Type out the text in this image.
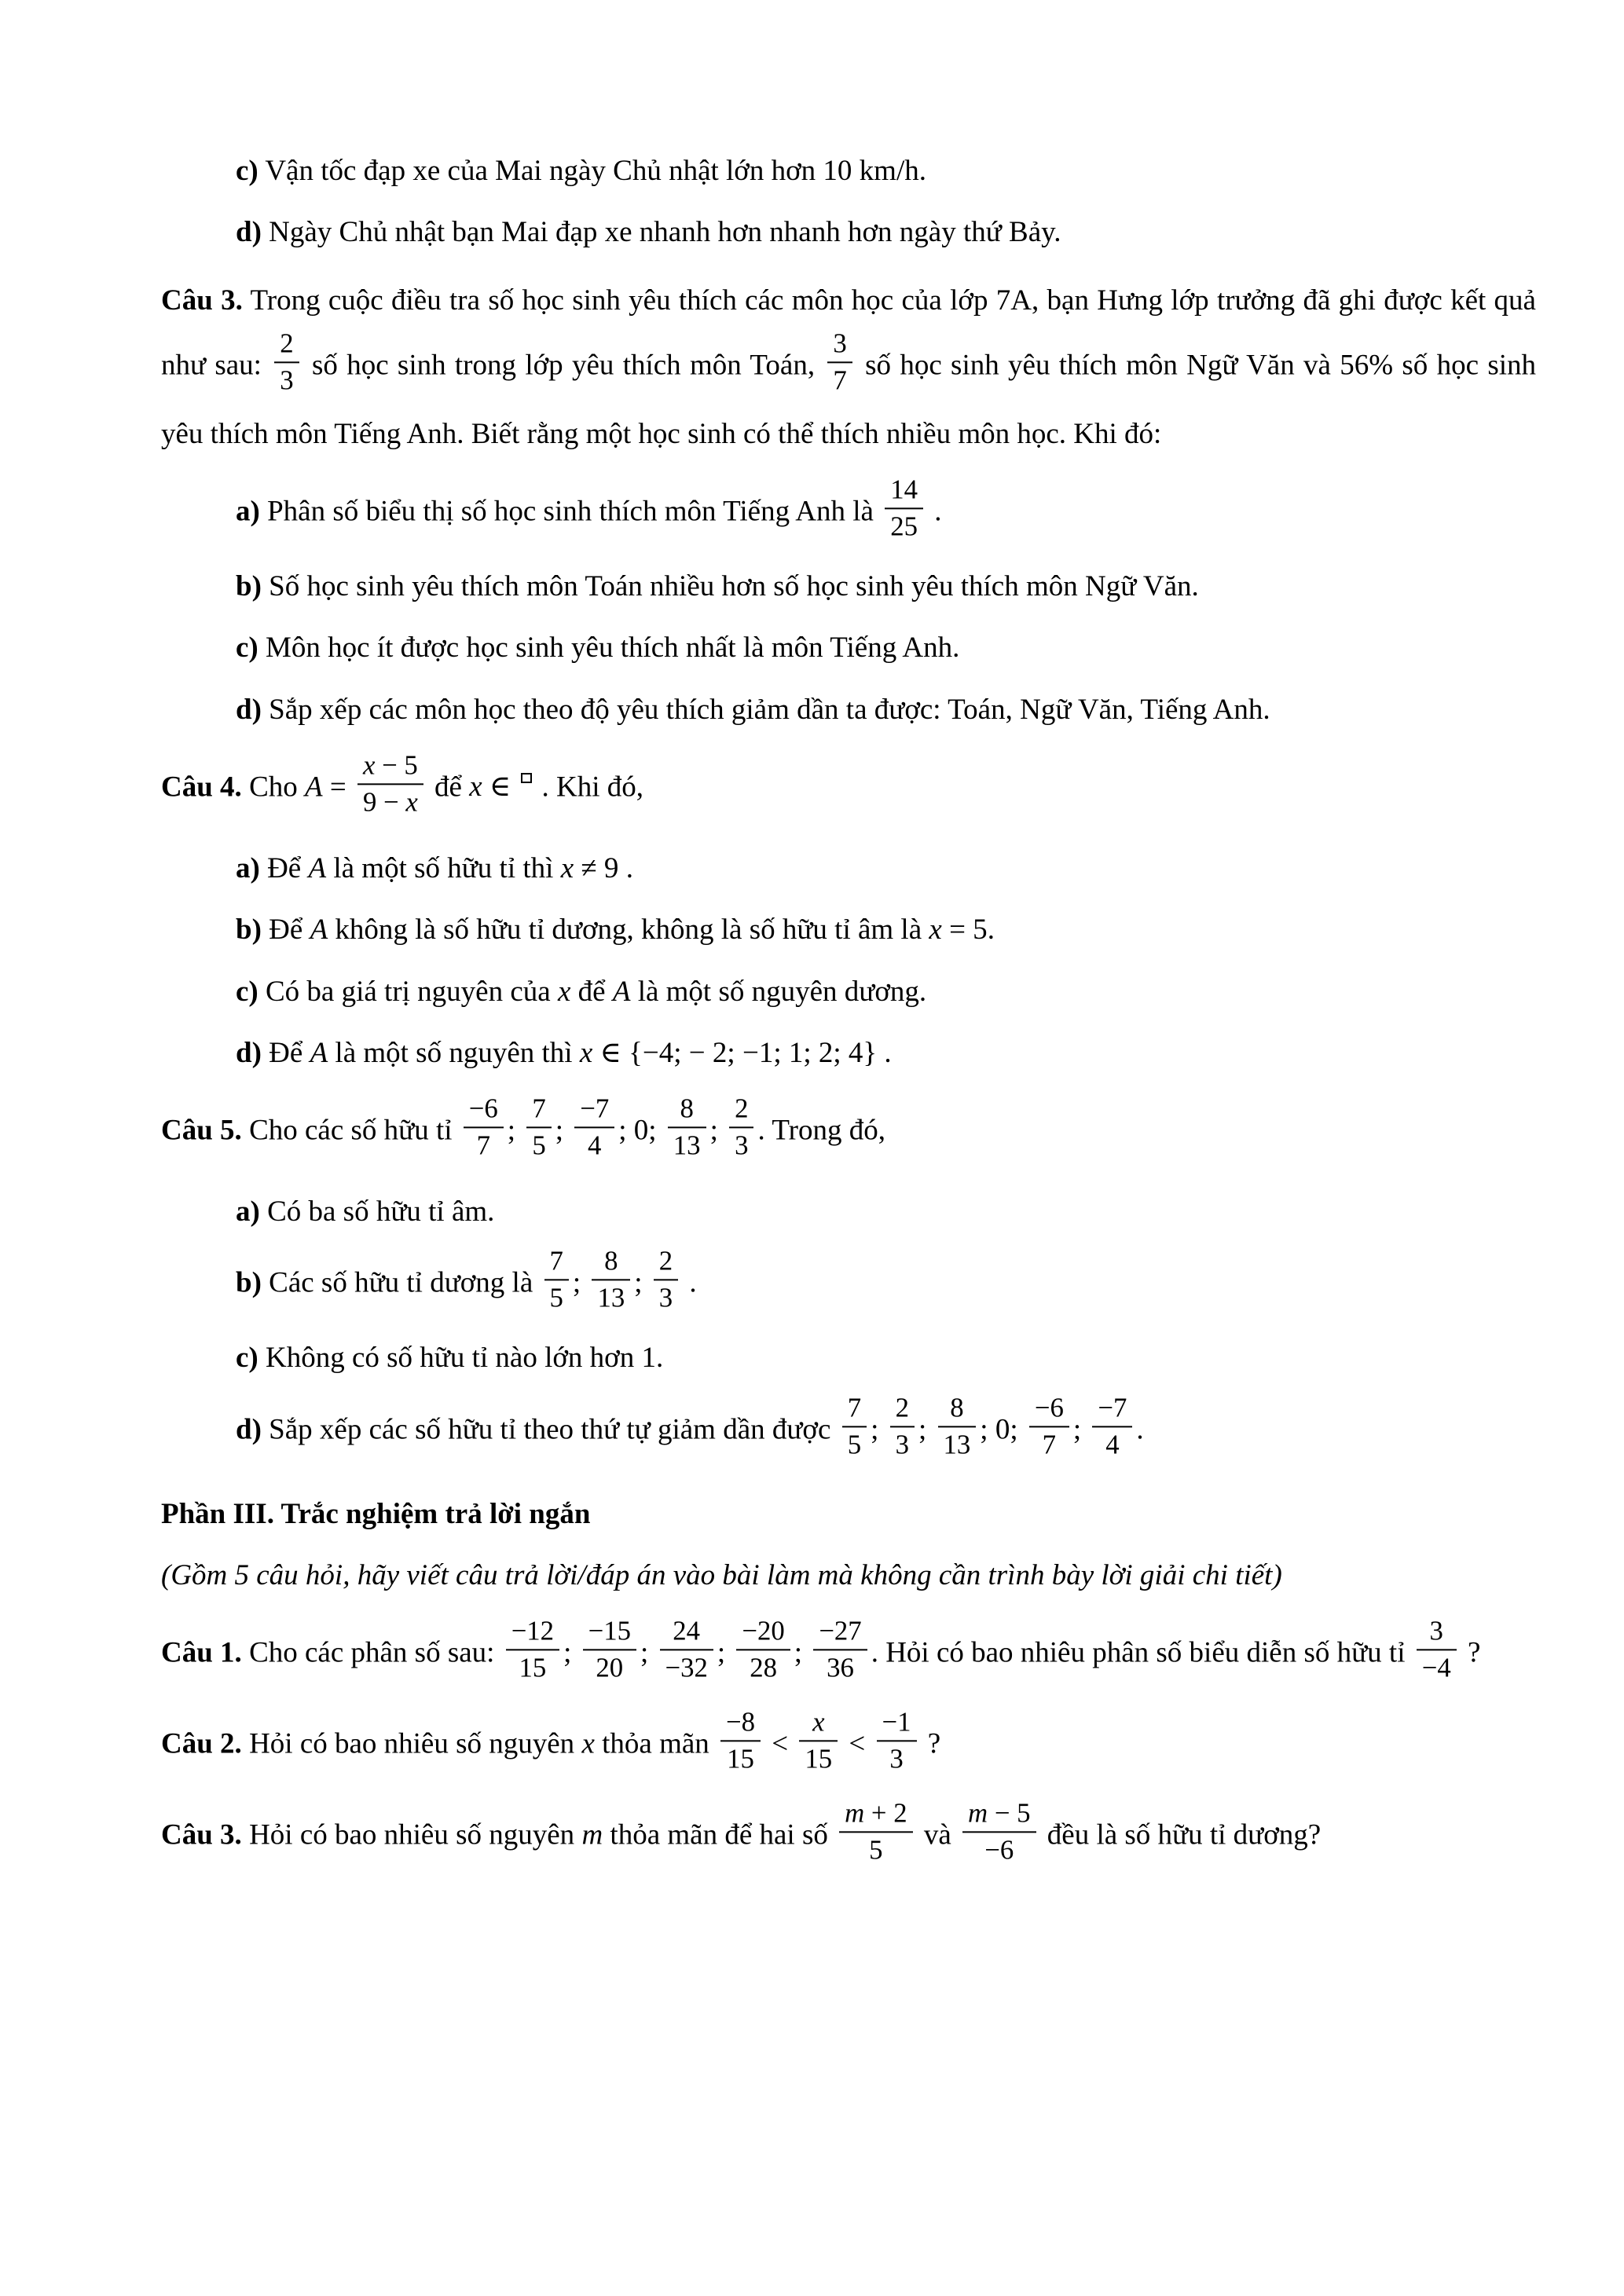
c) Vận tốc đạp xe của Mai ngày Chủ nhật lớn hơn 10 km/h.
d) Ngày Chủ nhật bạn Mai đạp xe nhanh hơn nhanh hơn ngày thứ Bảy.
Câu 3. Trong cuộc điều tra số học sinh yêu thích các môn học của lớp 7A, bạn Hưng lớp trưởng đã ghi được kết quả như sau: $\frac{2}{3}$ số học sinh trong lớp yêu thích môn Toán, $\frac{3}{7}$ số học sinh yêu thích môn Ngữ Văn và 56% số học sinh yêu thích môn Tiếng Anh. Biết rằng một học sinh có thể thích nhiều môn học. Khi đó:
a) Phân số biểu thị số học sinh thích môn Tiếng Anh là $\frac{14}{25}$ .
b) Số học sinh yêu thích môn Toán nhiều hơn số học sinh yêu thích môn Ngữ Văn.
c) Môn học ít được học sinh yêu thích nhất là môn Tiếng Anh.
d) Sắp xếp các môn học theo độ yêu thích giảm dần ta được: Toán, Ngữ Văn, Tiếng Anh.
Câu 4. Cho $A = \frac{x - 5}{9 - x}$ để x ∈  . Khi đó,
a) Để A là một số hữu tỉ thì x ≠ 9 .
b) Để A không là số hữu tỉ dương, không là số hữu tỉ âm là x = 5.
c) Có ba giá trị nguyên của x để A là một số nguyên dương.
d) Để A là một số nguyên thì x ∈ {−4; − 2; −1; 1; 2; 4} .
Câu 5. Cho các số hữu tỉ $\frac{-6}{7}$ ; $\frac{7}{5}$ ; $\frac{-7}{4}$ ; 0; $\frac{8}{13}$ ; $\frac{2}{3}$ . Trong đó,
a) Có ba số hữu tỉ âm.
b) Các số hữu tỉ dương là $\frac{7}{5}$ ; $\frac{8}{13}$ ; $\frac{2}{3}$ .
c) Không có số hữu tỉ nào lớn hơn 1.
d) Sắp xếp các số hữu tỉ theo thứ tự giảm dần được $\frac{7}{5}$ ; $\frac{2}{3}$ ; $\frac{8}{13}$ ; 0; $\frac{-6}{7}$ ; $\frac{-7}{4}$ .
Phần III. Trắc nghiệm trả lời ngắn
(Gồm 5 câu hỏi, hãy viết câu trả lời/đáp án vào bài làm mà không cần trình bày lời giải chi tiết)
Câu 1. Cho các phân số sau: $\frac{-12}{15}$ ; $\frac{-15}{20}$ ; $\frac{24}{-32}$ ; $\frac{-20}{28}$ ; $\frac{-27}{36}$ . Hỏi có bao nhiêu phân số biểu diễn số hữu tỉ $\frac{3}{-4}$ ?
Câu 2. Hỏi có bao nhiêu số nguyên x thỏa mãn $\frac{-8}{15} < \frac{x}{15} < \frac{-1}{3}$ ?
Câu 3. Hỏi có bao nhiêu số nguyên m thỏa mãn để hai số $\frac{m + 2}{5}$ và $\frac{m - 5}{-6}$ đều là số hữu tỉ dương?
